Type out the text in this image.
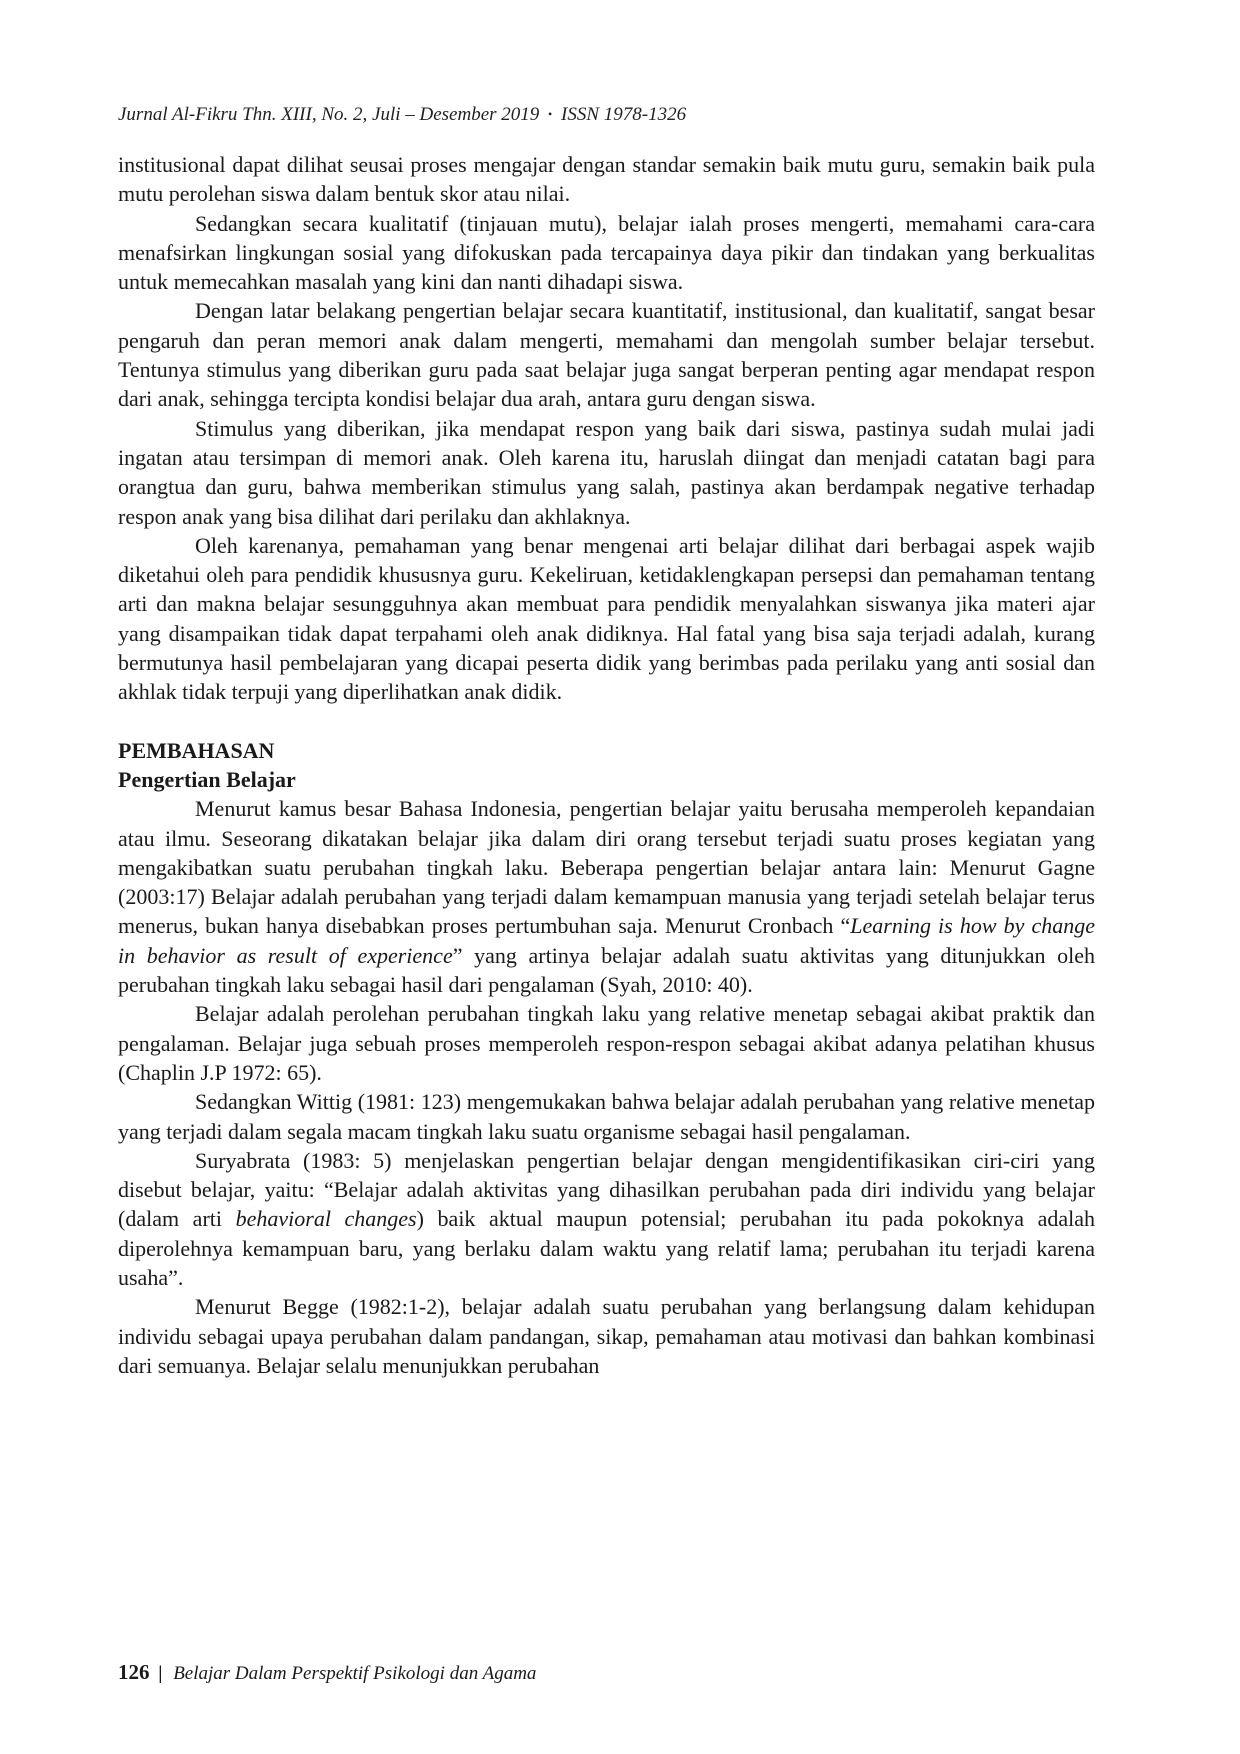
Jurnal Al-Fikru Thn. XIII, No. 2, Juli – Desember 2019 • ISSN 1978-1326

institusional dapat dilihat seusai proses mengajar dengan standar semakin baik mutu guru, semakin baik pula mutu perolehan siswa dalam bentuk skor atau nilai.

Sedangkan secara kualitatif (tinjauan mutu), belajar ialah proses mengerti, memahami cara-cara menafsirkan lingkungan sosial yang difokuskan pada tercapainya daya pikir dan tindakan yang berkualitas untuk memecahkan masalah yang kini dan nanti dihadapi siswa.

Dengan latar belakang pengertian belajar secara kuantitatif, institusional, dan kualitatif, sangat besar pengaruh dan peran memori anak dalam mengerti, memahami dan mengolah sumber belajar tersebut. Tentunya stimulus yang diberikan guru pada saat belajar juga sangat berperan penting agar mendapat respon dari anak, sehingga tercipta kondisi belajar dua arah, antara guru dengan siswa.

Stimulus yang diberikan, jika mendapat respon yang baik dari siswa, pastinya sudah mulai jadi ingatan atau tersimpan di memori anak. Oleh karena itu, haruslah diingat dan menjadi catatan bagi para orangtua dan guru, bahwa memberikan stimulus yang salah, pastinya akan berdampak negative terhadap respon anak yang bisa dilihat dari perilaku dan akhlaknya.

Oleh karenanya, pemahaman yang benar mengenai arti belajar dilihat dari berbagai aspek wajib diketahui oleh para pendidik khususnya guru. Kekeliruan, ketidaklengkapan persepsi dan pemahaman tentang arti dan makna belajar sesungguhnya akan membuat para pendidik menyalahkan siswanya jika materi ajar yang disampaikan tidak dapat terpahami oleh anak didiknya. Hal fatal yang bisa saja terjadi adalah, kurang bermutunya hasil pembelajaran yang dicapai peserta didik yang berimbas pada perilaku yang anti sosial dan akhlak tidak terpuji yang diperlihatkan anak didik.

PEMBAHASAN
Pengertian Belajar

Menurut kamus besar Bahasa Indonesia, pengertian belajar yaitu berusaha memperoleh kepandaian atau ilmu. Seseorang dikatakan belajar jika dalam diri orang tersebut terjadi suatu proses kegiatan yang mengakibatkan suatu perubahan tingkah laku. Beberapa pengertian belajar antara lain: Menurut Gagne (2003:17) Belajar adalah perubahan yang terjadi dalam kemampuan manusia yang terjadi setelah belajar terus menerus, bukan hanya disebabkan proses pertumbuhan saja. Menurut Cronbach “Learning is how by change in behavior as result of experience” yang artinya belajar adalah suatu aktivitas yang ditunjukkan oleh perubahan tingkah laku sebagai hasil dari pengalaman (Syah, 2010: 40).

Belajar adalah perolehan perubahan tingkah laku yang relative menetap sebagai akibat praktik dan pengalaman. Belajar juga sebuah proses memperoleh respon-respon sebagai akibat adanya pelatihan khusus (Chaplin J.P 1972: 65).

Sedangkan Wittig (1981: 123) mengemukakan bahwa belajar adalah perubahan yang relative menetap yang terjadi dalam segala macam tingkah laku suatu organisme sebagai hasil pengalaman.

Suryabrata (1983: 5) menjelaskan pengertian belajar dengan mengidentifikasikan ciri-ciri yang disebut belajar, yaitu: “Belajar adalah aktivitas yang dihasilkan perubahan pada diri individu yang belajar (dalam arti behavioral changes) baik aktual maupun potensial; perubahan itu pada pokoknya adalah diperolehnya kemampuan baru, yang berlaku dalam waktu yang relatif lama; perubahan itu terjadi karena usaha”.

Menurut Begge (1982:1-2), belajar adalah suatu perubahan yang berlangsung dalam kehidupan individu sebagai upaya perubahan dalam pandangan, sikap, pemahaman atau motivasi dan bahkan kombinasi dari semuanya. Belajar selalu menunjukkan perubahan

126 | Belajar Dalam Perspektif Psikologi dan Agama
